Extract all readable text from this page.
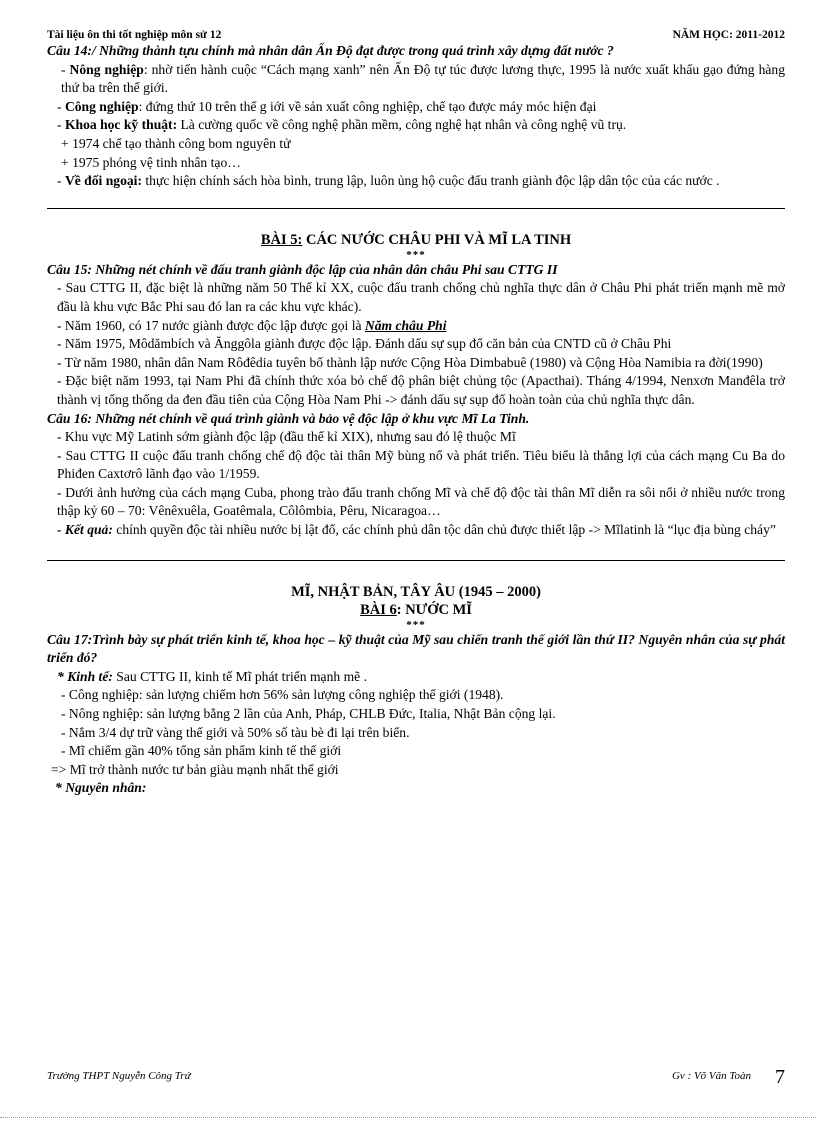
Tài liệu ôn thi tốt nghiệp môn sử 12	NĂM HỌC: 2011-2012

Câu 14:/ Những thành tựu chính mà nhân dân Ấn Độ đạt được trong quá trình xây dựng đất nước ?

- Nông nghiệp: nhờ tiến hành cuộc “Cách mạng xanh” nên Ấn Độ tự túc được lương thực, 1995 là nước xuất khẩu gạo đứng hàng thứ ba trên thế giới.

- Công nghiệp: đứng thứ 10 trên thế g iới về sản xuất công nghiệp, chế tạo được máy móc hiện đại

- Khoa học kỹ thuật: Là cường quốc về công nghệ phần mềm, công nghệ hạt nhân và công nghệ vũ trụ.

+ 1974 chế tạo thành công bom nguyên tử

+ 1975 phóng vệ tinh nhân tạo…

- Về đối ngoại: thực hiện chính sách hòa bình, trung lập, luôn ủng hộ cuộc đấu tranh giành độc lập dân tộc của các nước .

BÀI 5: CÁC NƯỚC CHÂU PHI VÀ MĨ LA TINH
***

Câu 15: Những nét chính về đấu tranh giành độc lập của nhân dân châu Phi sau CTTG II

- Sau CTTG II, đặc biệt là những năm 50 Thế kỉ XX, cuộc đấu tranh chống chủ nghĩa thực dân ở Châu Phi phát triển mạnh mẽ mở đầu là khu vực Bắc Phi sau đó lan ra các khu vực khác).

- Năm 1960, có 17 nước giành được độc lập được gọi là Năm châu Phi

- Năm 1975, Môdămbích và Ănggôla giành được độc lập. Đánh dấu sự sụp đổ căn bản của CNTD cũ ở Châu Phi

- Từ năm 1980, nhân dân Nam Rôđêdia tuyên bố thành lập nước Cộng Hòa Dimbabuê (1980) và Cộng Hòa Namibia ra đời(1990)

- Đặc biệt năm 1993, tại Nam Phi đã chính thức xóa bỏ chế độ phân biệt chủng tộc (Apacthai). Tháng 4/1994, Nenxơn Manđêla trở thành vị tổng thống da đen đầu tiên của Cộng Hòa Nam Phi -> đánh dấu sự sụp đổ hoàn toàn của chủ nghĩa thực dân.

Câu 16: Những nét chính về quá trình giành và bảo vệ độc lập ở khu vực Mĩ La Tinh.

- Khu vực Mỹ Latinh sớm giành độc lập (đầu thế kỉ XIX), nhưng sau đó lệ thuộc Mĩ

- Sau CTTG II cuộc đấu tranh chống chế độ độc tài thân Mỹ bùng nổ và phát triển. Tiêu biểu là thắng lợi của cách mạng Cu Ba do Phiđen Caxtơrô lãnh đạo vào 1/1959.

- Dưới ảnh hưởng của cách mạng Cuba, phong trào đấu tranh chống Mĩ và chế độ độc tài thân Mĩ diễn ra sôi nổi ở nhiều nước trong thập kỷ 60 – 70: Vênêxuêla, Goatêmala, Côlômbia, Pêru, Nicaragoa…

- Kết quả: chính quyền độc tài nhiều nước bị lật đổ, các chính phủ dân tộc dân chủ được thiết lập -> Mĩlatinh là “lục địa bùng cháy”

MĨ, NHẬT BẢN, TÂY ÂU (1945 – 2000)
BÀI 6: NƯỚC MĨ
***

Câu 17:Trình bày sự phát triển kinh tế, khoa học – kỹ thuật của Mỹ sau chiến tranh thế giới lần thứ II? Nguyên nhân của sự phát triển đó?

* Kinh tế: Sau CTTG II, kinh tế Mĩ phát triển mạnh mẽ .

- Công nghiệp: sản lượng chiếm hơn 56% sản lượng công nghiệp thế giới (1948).

- Nông nghiệp: sản lượng bằng 2 lần của Anh, Pháp, CHLB Đức, Italia, Nhật Bản cộng lại.

- Nắm 3/4 dự trữ vàng thế giới và 50% số tàu bè đi lại trên biển.

- Mĩ chiếm gần 40% tổng sản phẩm kinh tế thế giới

=> Mĩ trở thành nước tư bản giàu mạnh nhất thế giới

* Nguyên nhân:

Trường THPT Nguyễn Công Trứ	Gv : Võ Văn Toàn 7
